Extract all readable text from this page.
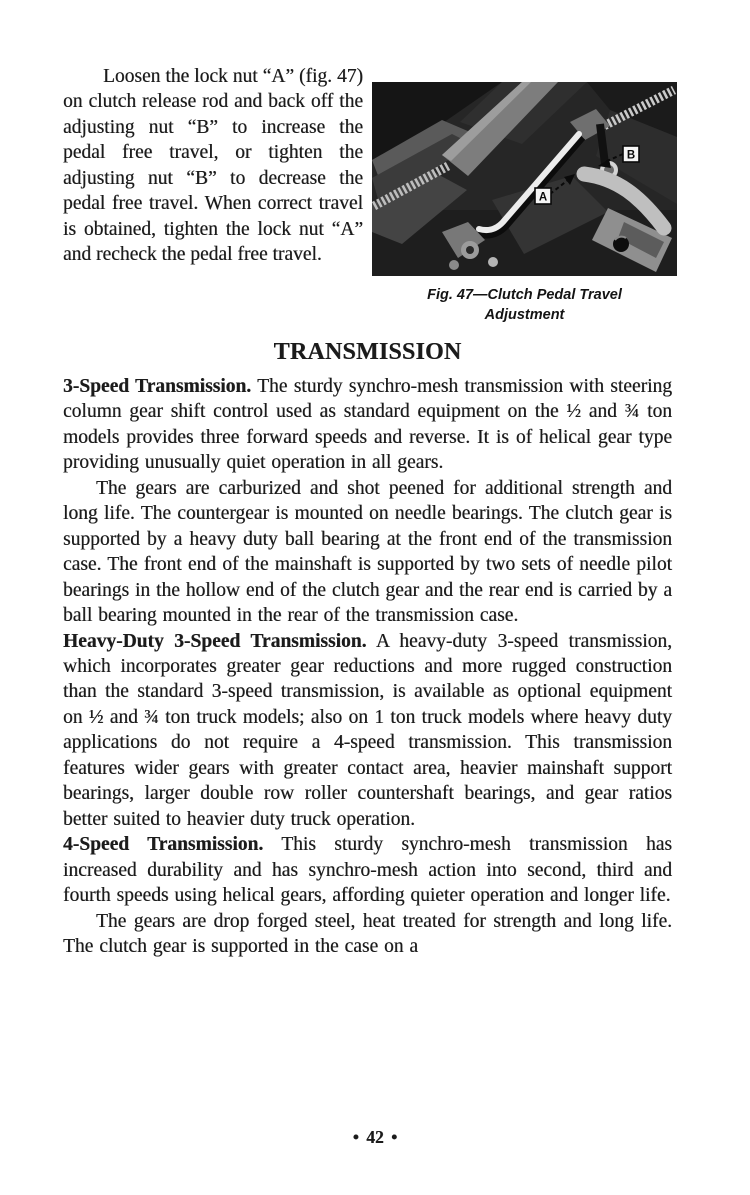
Loosen the lock nut “A” (fig. 47) on clutch release rod and back off the adjusting nut “B” to increase the pedal free travel, or tighten the adjusting nut “B” to decrease the pedal free travel. When correct travel is obtained, tighten the lock nut “A” and recheck the pedal free travel.

A
B
Fig. 47—Clutch Pedal Travel
Adjustment
TRANSMISSION

3-Speed Transmission. The sturdy synchro-mesh transmission with steering column gear shift control used as standard equipment on the ½ and ¾ ton models provides three forward speeds and reverse. It is of helical gear type providing unusually quiet operation in all gears.

The gears are carburized and shot peened for additional strength and long life. The countergear is mounted on needle bearings. The clutch gear is supported by a heavy duty ball bearing at the front end of the transmission case. The front end of the mainshaft is supported by two sets of needle pilot bearings in the hollow end of the clutch gear and the rear end is carried by a ball bearing mounted in the rear of the transmission case.

Heavy-Duty 3-Speed Transmission. A heavy-duty 3-speed transmission, which incorporates greater gear reductions and more rugged construction than the standard 3-speed transmission, is available as optional equipment on ½ and ¾ ton truck models; also on 1 ton truck models where heavy duty applications do not require a 4-speed transmission. This transmission features wider gears with greater contact area, heavier mainshaft support bearings, larger double row roller countershaft bearings, and gear ratios better suited to heavier duty truck operation.

4-Speed Transmission. This sturdy synchro-mesh transmission has increased durability and has synchro-mesh action into second, third and fourth speeds using helical gears, affording quieter operation and longer life.

The gears are drop forged steel, heat treated for strength and long life. The clutch gear is supported in the case on a

• 42 •
